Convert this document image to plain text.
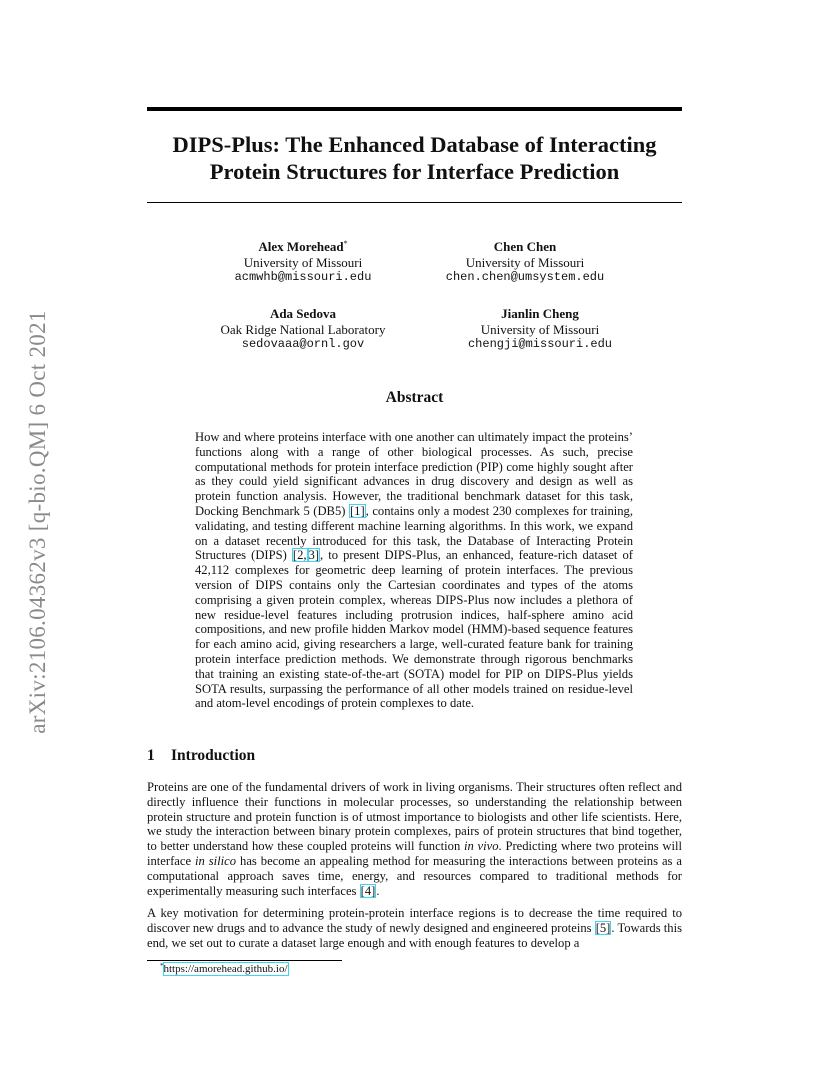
arXiv:2106.04362v3 [q-bio.QM] 6 Oct 2021
DIPS-Plus: The Enhanced Database of Interacting
Protein Structures for Interface Prediction
Alex Morehead*
University of Missouri
acmwhb@missouri.edu
Chen Chen
University of Missouri
chen.chen@umsystem.edu
Ada Sedova
Oak Ridge National Laboratory
sedovaaa@ornl.gov
Jianlin Cheng
University of Missouri
chengji@missouri.edu
Abstract
How and where proteins interface with one another can ultimately impact the proteins’ functions along with a range of other biological processes. As such, precise computational methods for protein interface prediction (PIP) come highly sought after as they could yield significant advances in drug discovery and design as well as protein function analysis. However, the traditional benchmark dataset for this task, Docking Benchmark 5 (DB5) [1], contains only a modest 230 complexes for training, validating, and testing different machine learning algorithms. In this work, we expand on a dataset recently introduced for this task, the Database of Interacting Protein Structures (DIPS) [2, 3], to present DIPS-Plus, an enhanced, feature-rich dataset of 42,112 complexes for geometric deep learning of protein interfaces. The previous version of DIPS contains only the Cartesian coordinates and types of the atoms comprising a given protein complex, whereas DIPS-Plus now includes a plethora of new residue-level features including protrusion indices, half-sphere amino acid compositions, and new profile hidden Markov model (HMM)-based sequence features for each amino acid, giving researchers a large, well-curated feature bank for training protein interface prediction methods. We demonstrate through rigorous benchmarks that training an existing state-of-the-art (SOTA) model for PIP on DIPS-Plus yields SOTA results, surpassing the performance of all other models trained on residue-level and atom-level encodings of protein complexes to date.
1 Introduction

Proteins are one of the fundamental drivers of work in living organisms. Their structures often reflect and directly influence their functions in molecular processes, so understanding the relationship between protein structure and protein function is of utmost importance to biologists and other life scientists. Here, we study the interaction between binary protein complexes, pairs of protein structures that bind together, to better understand how these coupled proteins will function in vivo. Predicting where two proteins will interface in silico has become an appealing method for measuring the interactions between proteins as a computational approach saves time, energy, and resources compared to traditional methods for experimentally measuring such interfaces [4].

A key motivation for determining protein-protein interface regions is to decrease the time required to discover new drugs and to advance the study of newly designed and engineered proteins [5]. Towards this end, we set out to curate a dataset large enough and with enough features to develop a

*https://amorehead.github.io/
